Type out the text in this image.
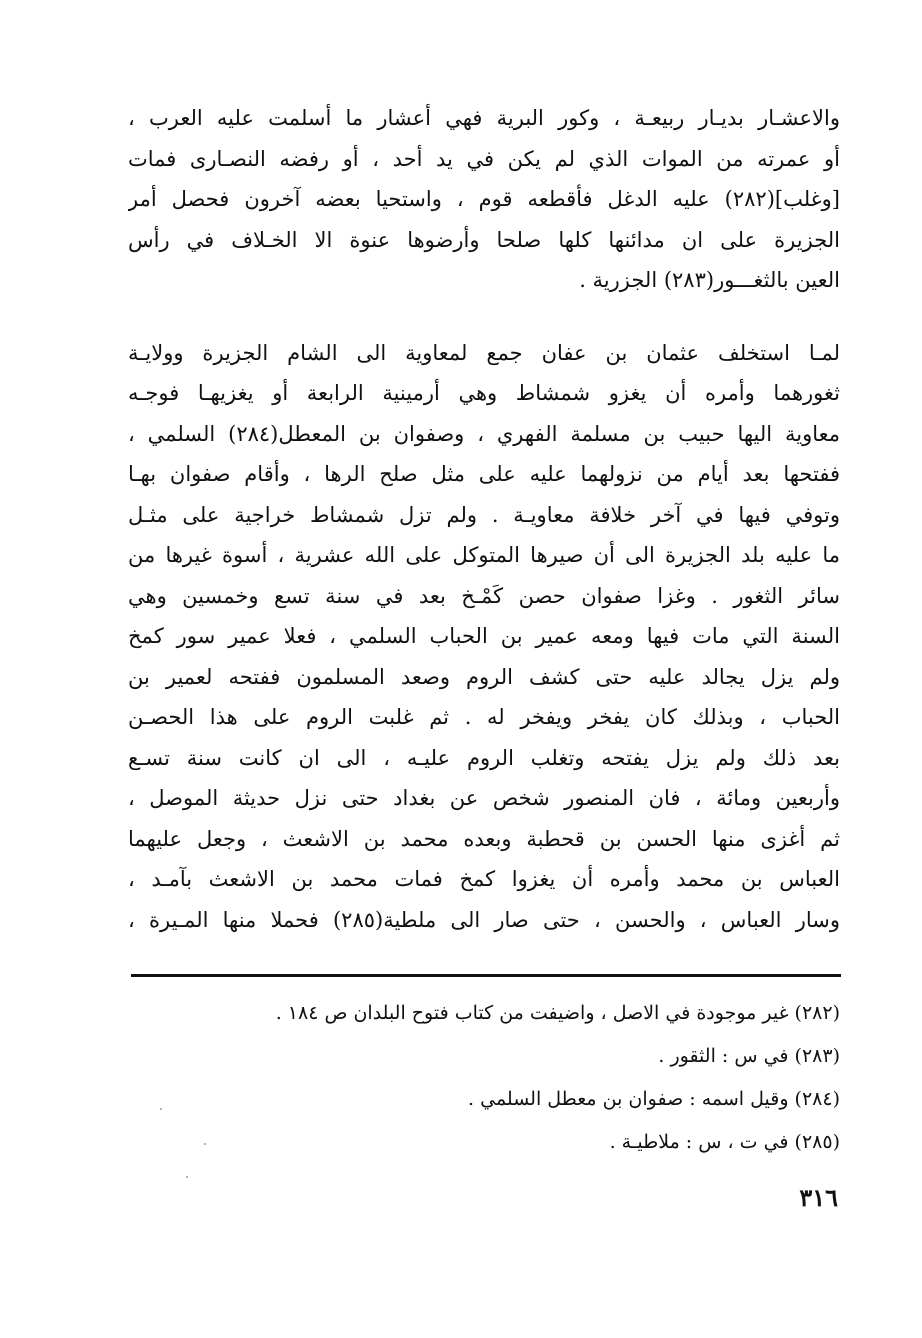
والاعشـار بديـار ربيعـة ، وكور البرية فهي أعشار ما أسلمت عليه العرب ،
أو عمرته من الموات الذي لم يكن في يد أحد ، أو رفضه النصـارى فمات
[وغلب](٢٨٢) عليه الدغل فأقطعه قوم ، واستحيا بعضه آخرون فحصل أمر
الجزيرة على ان مدائنها كلها صلحا وأرضوها عنوة الا الخـلاف في رأس
العين بالثغـــور(٢٨٣) الجزرية .
لمـا استخلف عثمان بن عفان جمع لمعاوية الى الشام الجزيرة وولايـة
ثغورهما وأمره أن يغزو شمشاط وهي أرمينية الرابعة أو يغزيهـا فوجـه
معاوية اليها حبيب بن مسلمة الفهري ، وصفوان بن المعطل(٢٨٤) السلمي ،
ففتحها بعد أيام من نزولهما عليه على مثل صلح الرها ، وأقام صفوان بهـا
وتوفي فيها في آخر خلافة معاويـة . ولم تزل شمشاط خراجية على مثـل
ما عليه بلد الجزيرة الى أن صيرها المتوكل على الله عشرية ، أسوة غيرها من
سائر الثغور . وغزا صفوان حصن كَمْـخ بعد في سنة تسع وخمسين وهي
السنة التي مات فيها ومعه عمير بن الحباب السلمي ، فعلا عمير سور كمخ
ولم يزل يجالد عليه حتى كشف الروم وصعد المسلمون ففتحه لعمير بن
الحباب ، وبذلك كان يفخر ويفخر له . ثم غلبت الروم على هذا الحصـن
بعد ذلك ولم يزل يفتحه وتغلب الروم عليـه ، الى ان كانت سنة تسـع
وأربعين ومائة ، فان المنصور شخص عن بغداد حتى نزل حديثة الموصل ،
ثم أغزى منها الحسن بن قحطبة وبعده محمد بن الاشعث ، وجعل عليهما
العباس بن محمد وأمره أن يغزوا كمخ فمات محمد بن الاشعث بآمـد ،
وسار العباس ، والحسن ، حتى صار الى ملطية(٢٨٥) فحملا منها المـيرة ،
(٢٨٢) غير موجودة في الاصل ، واضيفت من كتاب فتوح البلدان ص ١٨٤ .
(٢٨٣) في س : الثقور .
(٢٨٤) وقيل اسمه : صفوان بن معطل السلمي .
(٢٨٥) في ت ، س : ملاطيـة .
٣١٦
